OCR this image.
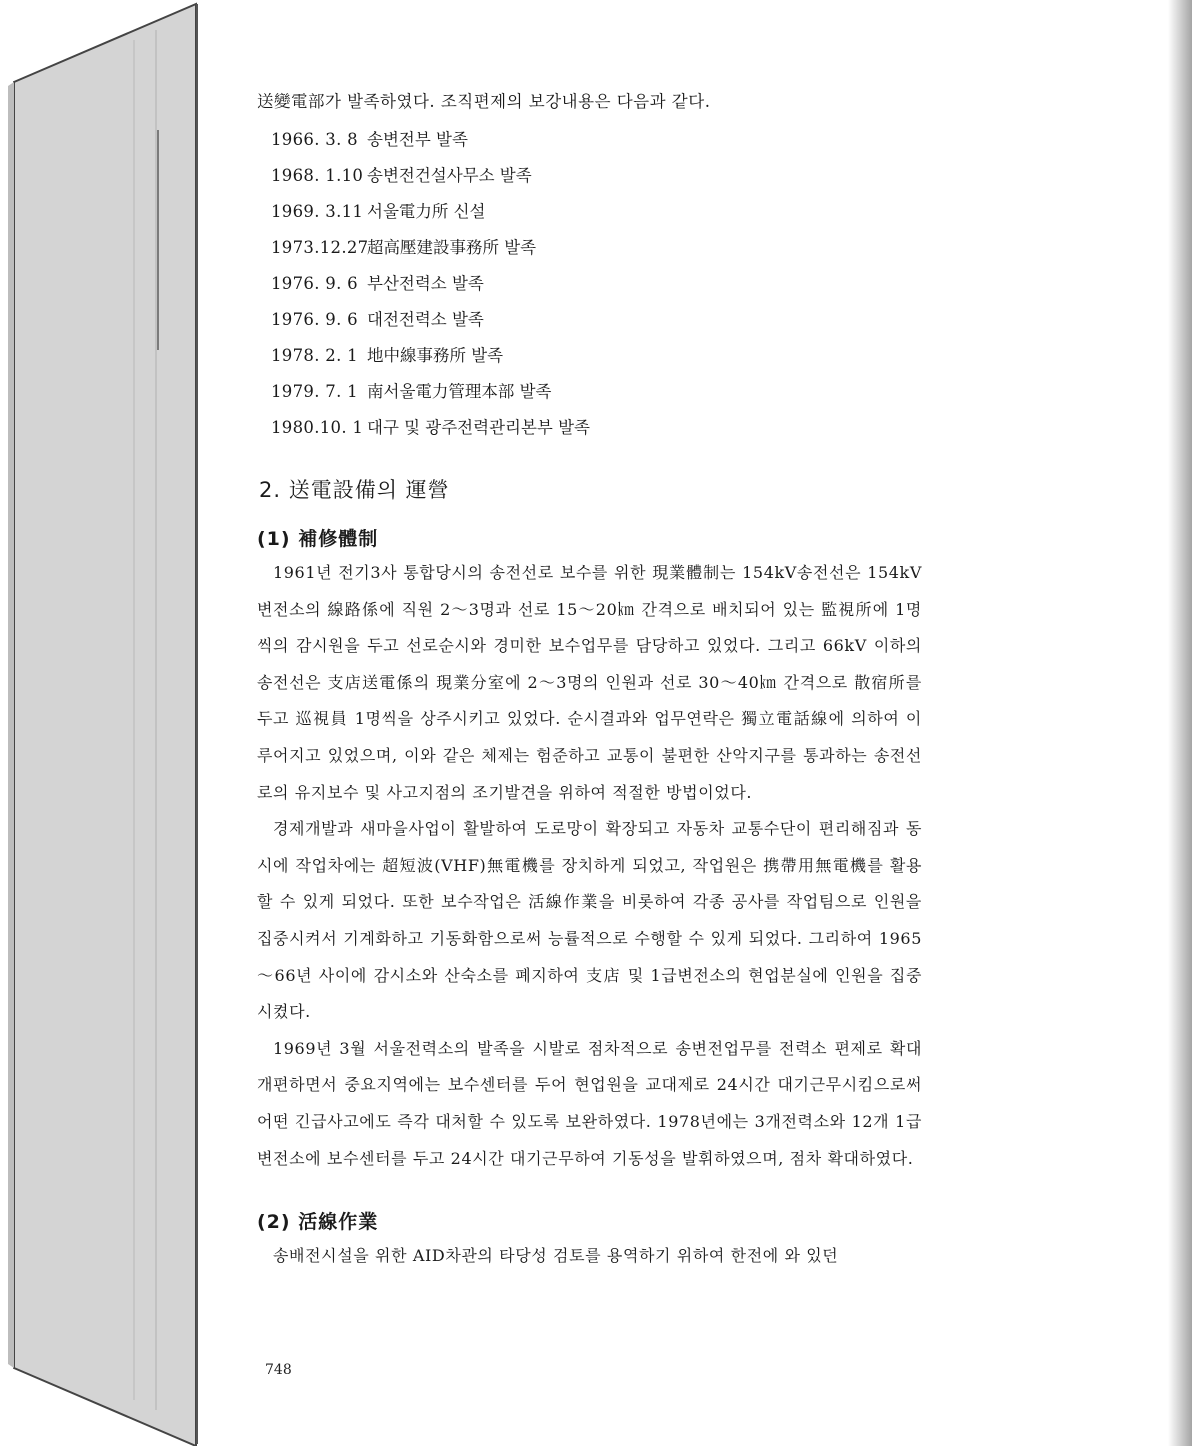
送變電部가 발족하였다. 조직편제의 보강내용은 다음과 같다.

1966. 3. 8 송변전부 발족
1968. 1.10 송변전건설사무소 발족
1969. 3.11 서울電力所 신설
1973.12.27超高壓建設事務所 발족
1976. 9. 6 부산전력소 발족
1976. 9. 6 대전전력소 발족
1978. 2. 1 地中線事務所 발족
1979. 7. 1 南서울電力管理本部 발족
1980.10. 1 대구 및 광주전력관리본부 발족
2. 送電設備의 運營
(1) 補修體制

1961년 전기3사 통합당시의 송전선로 보수를 위한 現業體制는 154kV송전선은 154kV변전소의 線路係에 직원 2～3명과 선로 15～20㎞ 간격으로 배치되어 있는 監視所에 1명씩의 감시원을 두고 선로순시와 경미한 보수업무를 담당하고 있었다. 그리고 66kV 이하의 송전선은 支店送電係의 現業分室에 2～3명의 인원과 선로 30～40㎞ 간격으로 散宿所를 두고 巡視員 1명씩을 상주시키고 있었다. 순시결과와 업무연락은 獨立電話線에 의하여 이루어지고 있었으며, 이와 같은 체제는 험준하고 교통이 불편한 산악지구를 통과하는 송전선로의 유지보수 및 사고지점의 조기발견을 위하여 적절한 방법이었다.

경제개발과 새마을사업이 활발하여 도로망이 확장되고 자동차 교통수단이 편리해짐과 동시에 작업차에는 超短波(VHF)無電機를 장치하게 되었고, 작업원은 携帶用無電機를 활용할 수 있게 되었다. 또한 보수작업은 活線作業을 비롯하여 각종 공사를 작업팀으로 인원을 집중시켜서 기계화하고 기동화함으로써 능률적으로 수행할 수 있게 되었다. 그리하여 1965～66년 사이에 감시소와 산숙소를 폐지하여 支店 및 1급변전소의 현업분실에 인원을 집중시켰다.

1969년 3월 서울전력소의 발족을 시발로 점차적으로 송변전업무를 전력소 편제로 확대 개편하면서 중요지역에는 보수센터를 두어 현업원을 교대제로 24시간 대기근무시킴으로써 어떤 긴급사고에도 즉각 대처할 수 있도록 보완하였다. 1978년에는 3개전력소와 12개 1급변전소에 보수센터를 두고 24시간 대기근무하여 기동성을 발휘하였으며, 점차 확대하였다.

(2) 活線作業

송배전시설을 위한 AID차관의 타당성 검토를 용역하기 위하여 한전에 와 있던

748
